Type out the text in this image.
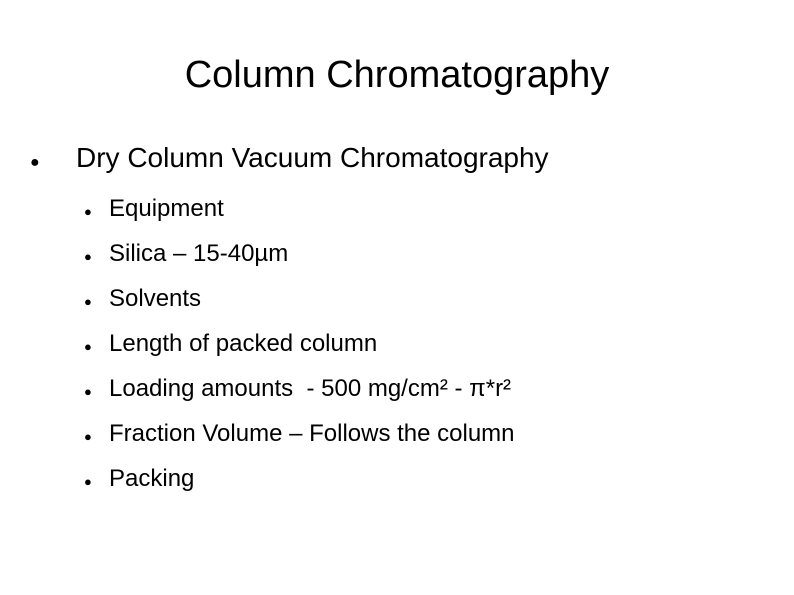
Column Chromatography
●	Dry Column Vacuum Chromatography
● Equipment
● Silica – 15-40µm
● Solvents
● Length of packed column
● Loading amounts  - 500 mg/cm² - π*r²
● Fraction Volume – Follows the column
● Packing
